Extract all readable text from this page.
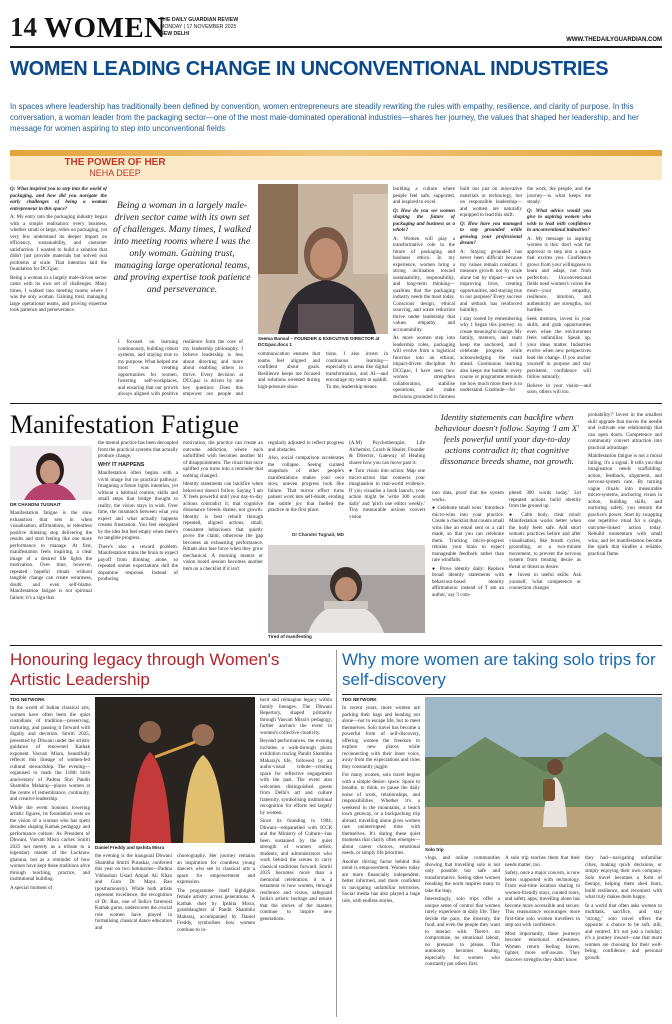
14 WOMEN
THE DAILY GUARDIAN REVIEW
MONDAY | 17 NOVEMBER 2025
NEW DELHI
WWW.THEDAILYGUARDIAN.COM
WOMEN LEADING CHANGE IN UNCONVENTIONAL INDUSTRIES
In spaces where leadership has traditionally been defined by convention, women entrepreneurs are steadily rewriting the rules with empathy, resilience, and clarity of purpose. In this conversation, a woman leader from the packaging sector—one of the most male-dominated operational industries—shares her journey, the values that shaped her leadership, and her message for women aspiring to step into unconventional fields
THE POWER OF HER
NEHA DEEP

Q: What inspired you to step into the world of packaging, and how did you navigate the early challenges of being a woman entrepreneur in this space?

A: My entry into the packaging industry began with a simple realisation: every business, whether small or large, relies on packaging, yet very few understand its deeper impact on efficiency, sustainability, and customer satisfaction. I wanted to build a solution that didn't just provide materials but solved real problems at scale. That intention laid the foundation for DCGpac.

Being a woman in a largely male-driven sector came with its own set of challenges. Many times, I walked into meeting rooms where I was the only woman. Gaining trust, managing large operational teams, and proving expertise took patience and perseverance.

Being a woman in a largely male-driven sector came with its own set of challenges. Many times, I walked into meeting rooms where I was the only woman. Gaining trust, managing large operational teams, and proving expertise took patience and perseverance.

I focused on learning continuously, building robust systems, and staying true to my purpose. What helped me most was creating opportunities for women, fostering self-workplaces, and ensuring that our growth always aligned with positive

resilience form the core of my leadership philosophy. I believe leadership is less about directing and more about enabling others to thrive. Every decision at DCGpac is driven by one key question: Does this empower our people and

Seema Bansal – FOUNDER & EXECUTIVE DIRECTOR at DCGpac.docx 1

communication ensures that teams feel aligned and confident about goals. Resilience keeps me focused and solutions oriented during high-pressure situa-

tions. I also invest in continuous learning—especially in areas like digital transformation, and AI—and encourage my team to upskill. To me, leadership means

building a culture where people feel safe, supported, and inspired to excel.

Q: How do you see women shaping the future of packaging and business as a whole?

A: Women will play a transformative role in the future of packaging and business ethics. In my experience, women bring a strong inclination toward sustainability, responsibility, and long-term thinking—qualities that the packaging industry needs the most today. Conscious design, ethical sourcing, and waste reduction thrive under leadership that values empathy and accountability.

As more women step into leadership roles, packaging will evolve from a logistical function into an ethical, impact-driven discipline. At DCGpac, I have seen how women strengthen collaboration, stabilise operations, and make decisions grounded in fairness

built not just on innovative materials or technology, but on responsible leadership—and women are naturally equipped to lead this shift.

Q: How have you managed to stay grounded while growing your professional dream?

A: Staying grounded has never been difficult because my values remain constant. I measure growth not by scale alone but by impact—are we improving lives, creating opportunities, and staying true to our purpose? Every success and setback has reinforced humility.

I stay rooted by remembering why I began this journey: to create meaningful change. My family, mentors, and team keep me anchored, and I celebrate progress while acknowledging the road ahead. Continuous learning also keeps me humble; every course or programme reminds me how much more there is to understand. Gratitude—for

the work, the people, and the journey—is what keeps me steady.

Q: What advice would you give to aspiring women who wish to lead with confidence in unconventional industries?

A: My message to aspiring women is this: don't wait for approval to step into a space that excites you. Confidence grows from your willingness to learn and adapt, not from perfection. Unconventional fields need women's voices the most—your empathy, resilience, intuition, and authenticity are strengths, not hurdles.

Seek mentors, invest in your skills, and grab opportunities even when the environment feels unfamiliar. Speak up, your ideas matter. Industries evolve when new perspectives lead the change. If you anchor yourself in purpose and stay persistent, confidence will follow naturally.

Believe in your vision—and soon, others will too.

Manifestation Fatigue
DR CHANDNI TUGNAIT

Manifestation fatigue is the slow exhaustion that sets in when visualisation, affirmations, or relentless positive thinking stop delivering the results and start feeling like one more performance to manage. At first, manifestation feels inspiring, a clear image of a desired life lights the motivation. Over time, however, repeated hopeful rituals without tangible change can create weariness, doubt, and even self-blame. Manifestation fatigue is not spiritual failure; it's a sign that

the mental practice has been decoupled from the practical systems that actually produce change.

WHY IT HAPPENS

Manifestation often begins with a vivid image but no practical pathway. Imagining a future lights intention, yet without a habitual routine, skills and small steps that bridge thought to reality, the vision stays in wish. Over time, the mismatch between what you expect and what actually happens creates frustration. You feel energised by the idea but feel empty when there's no tangible progress.

There's also a reward problem. Manifestation trains the brain to expect payoff from thinking alone, so repeated unmet expectations dull the dopamine response. Instead of producing

motivation, the practice can create an outcome addiction, where each unfulfilled wish becomes another hit of disappointment. The ritual that once uplifted you turns into a reminder that nothing changed.

Identity statements can backfire when behaviour doesn't follow. Saying 'I am X' feels powerful until your day-to-day actions contradict it; that cognitive dissonance breeds shame, not growth. Identity is best rebuilt through repeated, aligned actions, small, consistent behaviours that quietly prove the claim, otherwise the gap becomes an exhausting performance. Rituals also lose force when they grow mechanical. A morning mantra or vision board session becomes another item on a checklist if it isn't

regularly adjusted to reflect progress and obstacles.

Also, social comparison accelerates the collapse. Seeing curated snapshots of other people's manifestations makes your own slow, uneven progress look like failure. That mirror effect turns patient work into self-doubt, eroding the subtle joy that fuelled the practice in the first place.

(A.M) Psychotherapist, Life Alchemist, Coach & Healer, Founder & Director, Gateway of Healing shares how you can move past it:

● Turn vision into action: Map one micro-action that connects your imagination to real-world evidence. If you visualise a book launch, your action might be 'write 300 words daily' and 'pitch one editor weekly.' Tiny measurable actions convert vision

Dr Chandni Tugnait, MD
Tired of manifesting
Identity statements can backfire when behaviour doesn't follow. Saying 'I am X' feels powerful until your day-to-day actions contradict it; that cognitive dissonance breeds shame, not growth.

into data, proof that the system works.

● Celebrate small wins: Introduce micro-wins into your practice. Create a checklist that counts small wins like an email sent or a call made, so that you can celebrate them. Tracking micro-progress retrains your brain to expect manageable feedback rather than rare windfalls.

● Prove identity daily: Replace broad identity statements with behaviour-based identity affirmations: instead of 'I am an author,' say 'I com-

pleted 300 words today.' Let repeated actions build identity from the ground up.

● Calm body, clear mind: Manifestation works better when the body feels safe. Add short somatic practices before and after visualisation, like breath cycles, grounding, or a two-minute movement, to prevent the nervous system from treating desire as threat or threat as desire.

● Invest in useful skills: Ask yourself, 'what competence or connection changes

probability?' Invest in the smallest skill upgrade that moves the needle and cultivate one relationship that can open doors. Competence and community convert attraction into practical advantage.

Manifestation fatigue is not a moral failing; it's a signal. It tells you that imagination needs scaffolding: action, feedback, alignment, and nervous-system care. By turning vague rituals into measurable micro-systems, anchoring vision in action, building skills, and nurturing safety, you restore the practice's power. Start by swapping one repetitive ritual for a single, outcome-linked action today. Rebuild momentum with small wins, and let manifestation become the spark that kindles a reliable, practical flame.

Honouring legacy through Women's Artistic Leadership
TDG NETWORK

In the world of Indian classical arts, women have often been the quiet custodians of tradition—preserving, nurturing, and passing it forward with dignity and devotion. Smriti 2025, presented by Dhwani under the artistic guidance of renowned Kathak exponent Vasvati Misra, beautifully reflects this lineage of women-led cultural stewardship. The evening—organised to mark the 118th birth anniversary of Padma Shri Pandit Shambhu Maharaj—places women at the centre of remembrance, continuity, and creative leadership.

While the event honours towering artistic figures, its foundation rests on the vision of a woman who has spent decades shaping Kathak pedagogy and performance culture. As President of Dhwani, Vasvati Misra carries Smriti 2025 not merely as a tribute to a legendary master of the Lucknow gharana, but as a reminder of how women have kept these traditions alive through teaching, practice, and institutional building.

A special moment of

Daniel Freddy and Ipshita Misra

the evening is the inaugural Dhwani Shambhu Smriti Puraskar, conferred this year on two luminaries—Padma Vibhushan Ustad Amjad Ali Khan and Guru Dr. Maya Rao (posthumously). While both artists represent excellence, the recognition of Dr. Rao, one of India's foremost Kathak gurus, underscores the crucial role women have played in formalising classical dance education and

choreography. Her journey remains an inspiration for countless young dancers who see in classical arts a space for empowerment and expression.

The programme itself highlights female artistry across generations. A Kathak duet by Ipshita Misra, granddaughter of Pandit Shambhu Maharaj, accompanied by Daniel Freddy, symbolises how women continue to in-

herit and reimagine legacy within family lineages. The Dhwani Repertory, shaped primarily through Vasvati Misra's pedagogy, further anchors the event in women's collective creativity.

Beyond performances, the evening includes a walk-through photo exhibition tracing Pandit Shambhu Maharaj's life, followed by an audio-visual tribute—creating space for reflective engagement with the past. The event also welcomes distinguished guests from Delhi's art and culture fraternity, symbolising institutional recognition for efforts led largely by women.

Since its founding in 1984, Dhwani—empanelled with ICCR and the Ministry of Culture—has been sustained by the quiet strength of women artists, students, and administrators who work behind the scenes to carry classical traditions forward. Smriti 2025 becomes more than a memorial celebration; it is a testament to how women, through resilience and vision, safeguard India's artistic heritage and ensure that the stories of the masters continue to inspire new generations.

Why more women are taking solo trips for self-discovery
TDG NETWORK

In recent years, more women are packing their bags and heading out alone—not to escape life, but to meet themselves. Solo travel has become a powerful form of self-discovery, offering women the freedom to explore new places while reconnecting with their inner voice, away from the expectations and roles they constantly juggle.

For many women, solo travel begins with a simple desire: space. Space to breathe, to think, to pause the daily noise of work, relationships, and responsibilities. Whether it's a weekend in the mountains, a beach town getaway, or a backpacking trip abroad, travelling alone gives women rare uninterrupted time with themselves. It's during these quiet moments that clarity often emerges—about career choices, emotional needs, or simply life priorities.

Another driving factor behind this trend is empowerment. Women today are more financially independent, better informed, and more confident in navigating unfamiliar territories. Social media has also played a huge role, with endless stories,

Solo trip

vlogs, and online communities showing that travelling solo is not only possible but safe and transformative. Seeing other women breaking the norm inspires many to take the leap.

Interestingly, solo trips offer a unique sense of control that women rarely experience in daily life. They decide the pace, the itinerary, the food, and even the people they want to interact with. There's no compromise, no emotional labour, no pressure to please. This autonomy becomes healing, especially for women who constantly put others first.

A solo trip teaches them that their needs matter, too.

Safety, once a major concern, is now better supported with technology. From real-time location sharing to women-friendly stays, curated tours, and safety apps, travelling alone has become more accessible and secure. This reassurance encourages more first-time solo women travellers to step out with confidence.

Most importantly, these journeys become emotional milestones. Women return feeling braver, lighter, more self-aware. They discover strengths they didn't know

they had—navigating unfamiliar cities, making quick decisions, or simply enjoying their own company. Solo travel becomes a form of therapy, helping them shed fears, build resilience, and reconnect with what truly makes them happy.

In a world that often asks women to multitask, sacrifice, and stay "strong," solo travel offers the opposite: a chance to be soft, still, and centred. It's not just a holiday; it's a journey inward—one that more women are choosing for their well-being, confidence, and personal growth.
